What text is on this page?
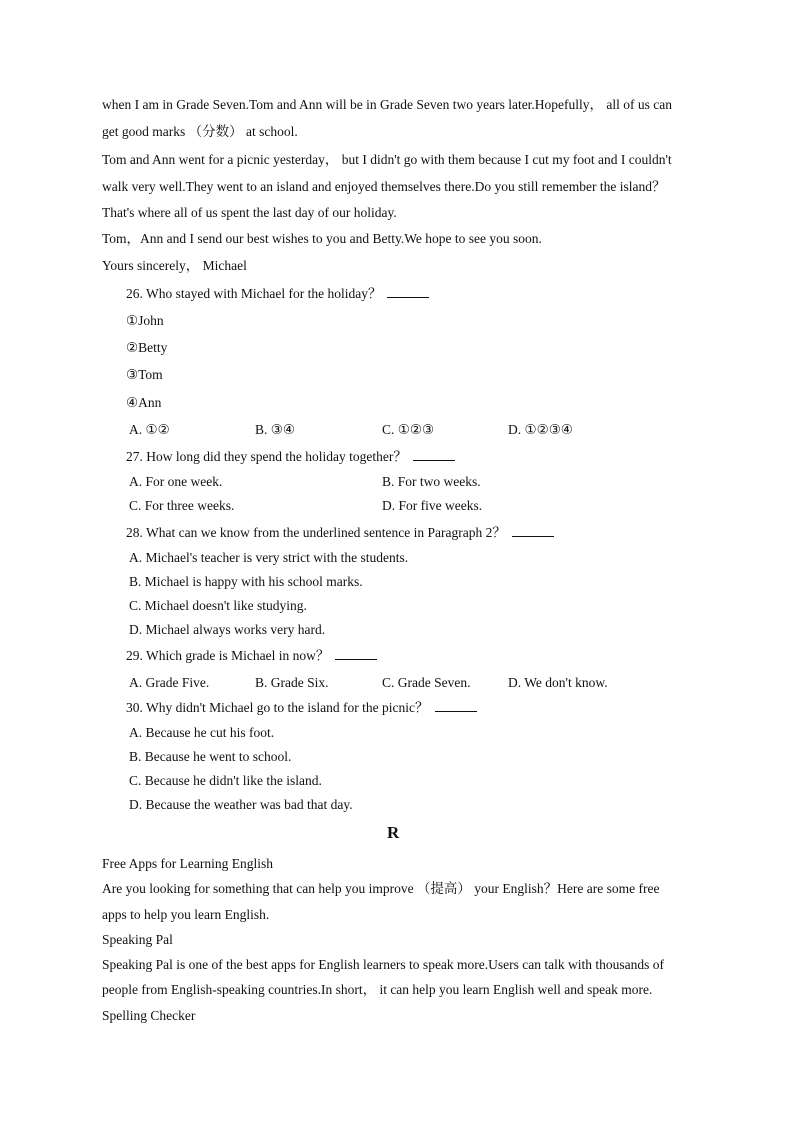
when I am in Grade Seven.Tom and Ann will be in Grade Seven two years later.Hopefully， all of us can
get good marks （分数） at school.
Tom and Ann went for a picnic yesterday， but I didn't go with them because I cut my foot and I couldn't
walk very well.They went to an island and enjoyed themselves there.Do you still remember the island？
That's where all of us spent the last day of our holiday.
Tom，Ann and I send our best wishes to you and Betty.We hope to see you soon.
Yours sincerely， Michael
26. Who stayed with Michael for the holiday？
①John
②Betty
③Tom
④Ann
A. ①②	B. ③④	C. ①②③	D. ①②③④
27. How long did they spend the holiday together？
A. For one week.	B. For two weeks.
C. For three weeks.	D. For five weeks.
28. What can we know from the underlined sentence in Paragraph 2？
A. Michael's teacher is very strict with the students.
B. Michael is happy with his school marks.
C. Michael doesn't like studying.
D. Michael always works very hard.
29. Which grade is Michael in now？
A. Grade Five.	B. Grade Six.	C. Grade Seven.	D. We don't know.
30. Why didn't Michael go to the island for the picnic？
A. Because he cut his foot.
B. Because he went to school.
C. Because he didn't like the island.
D. Because the weather was bad that day.
R
Free Apps for Learning English
Are you looking for something that can help you improve （提高） your English？Here are some free
apps to help you learn English.
Speaking Pal
Speaking Pal is one of the best apps for English learners to speak more.Users can talk with thousands of
people from English-speaking countries.In short， it can help you learn English well and speak more.
Spelling Checker
